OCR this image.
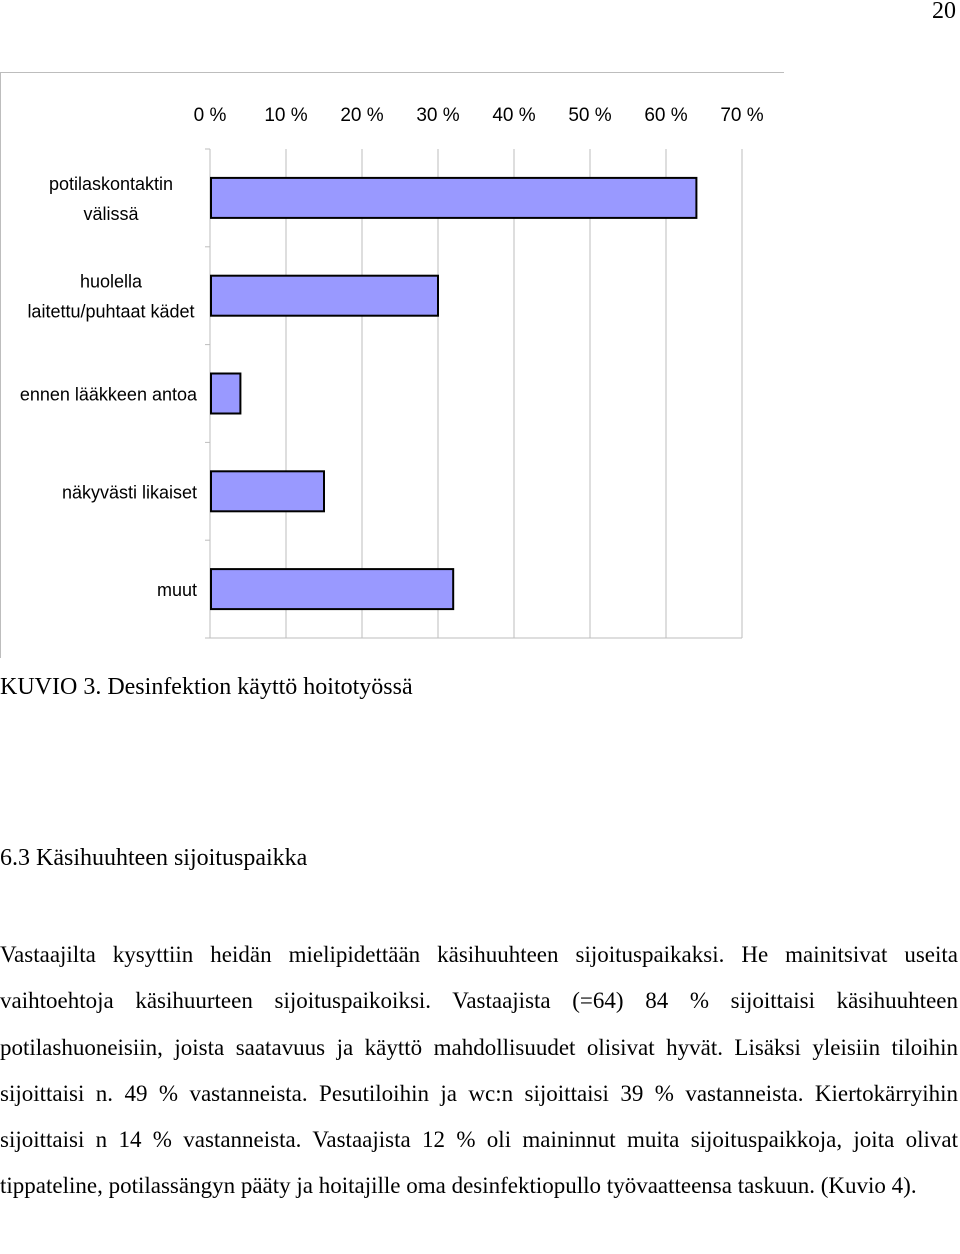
20
0 % 10 % 20 % 30 % 40 % 50 % 60 % 70 %
potilaskontaktin välissä
huolella laitettu/puhtaat kädet
ennen lääkkeen antoa
näkyvästi likaiset
muut
KUVIO 3. Desinfektion käyttö hoitotyössä
6.3 Käsihuuhteen sijoituspaikka

Vastaajilta kysyttiin heidän mielipidettään käsihuuhteen sijoituspaikaksi. He mainitsivat useita vaihtoehtoja käsihuurteen sijoituspaikoiksi. Vastaajista (=64) 84 % sijoittaisi käsihuuhteen potilashuoneisiin, joista saatavuus ja käyttö mahdollisuudet olisivat hyvät. Lisäksi yleisiin tiloihin sijoittaisi n. 49 % vastanneista. Pesutiloihin ja wc:n sijoittaisi 39 % vastanneista. Kiertokärryihin sijoittaisi n 14 % vastanneista. Vastaajista 12 % oli maininnut muita sijoituspaikkoja, joita olivat tippateline, potilassängyn pääty ja hoitajille oma desinfektiopullo työvaatteensa taskuun. (Kuvio 4).
